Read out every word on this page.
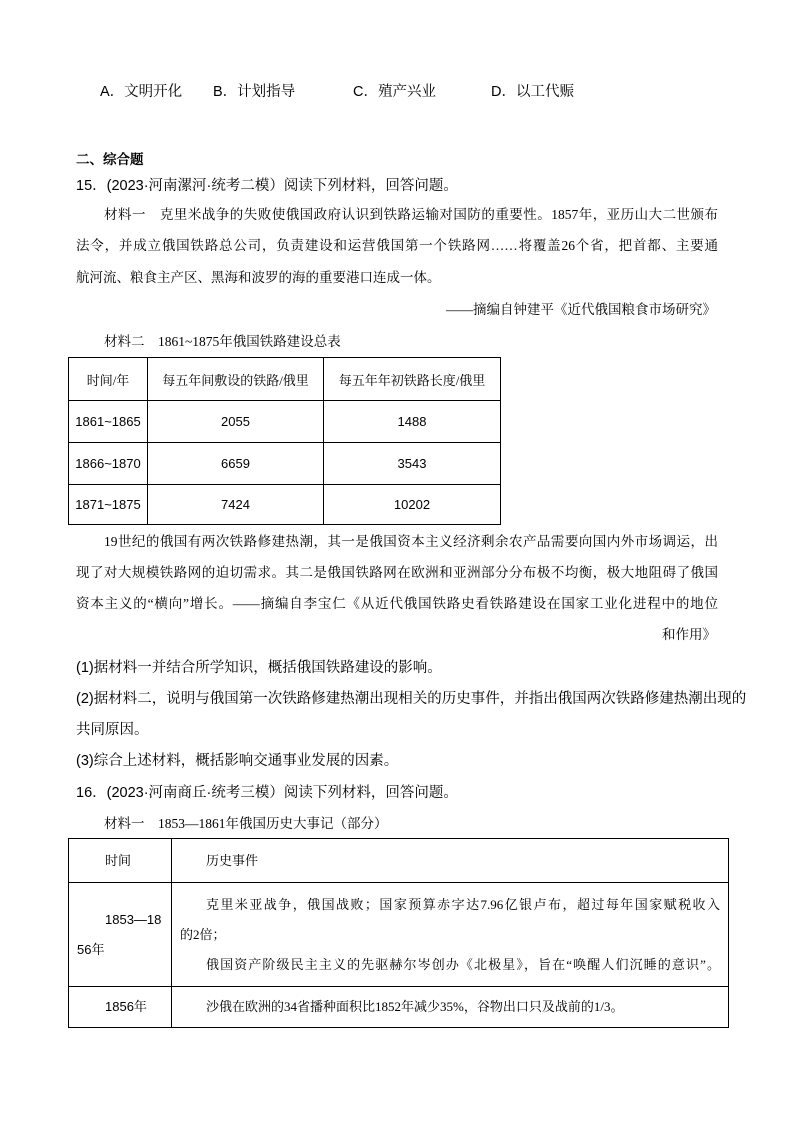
A．文明开化 B．计划指导	C．殖产兴业	D．以工代赈
二、综合题
15．(2023·河南漯河·统考二模）阅读下列材料，回答问题。
材料一　克里米战争的失败使俄国政府认识到铁路运输对国防的重要性。1857年，亚历山大二世颁布
法令，并成立俄国铁路总公司，负责建设和运营俄国第一个铁路网……将覆盖26个省，把首都、主要通
航河流、粮食主产区、黑海和波罗的海的重要港口连成一体。
——摘编自钟建平《近代俄国粮食市场研究》
材料二　1861~1875年俄国铁路建设总表
时间/年	每五年间敷设的铁路/俄里	每五年年初铁路长度/俄里
1861~1865	2055	1488
1866~1870	6659	3543
1871~1875	7424	10202
19世纪的俄国有两次铁路修建热潮，其一是俄国资本主义经济剩余农产品需要向国内外市场调运，出
现了对大规模铁路网的迫切需求。其二是俄国铁路网在欧洲和亚洲部分分布极不均衡，极大地阻碍了俄国
资本主义的“横向”增长。——摘编自李宝仁《从近代俄国铁路史看铁路建设在国家工业化进程中的地位
和作用》
(1)据材料一并结合所学知识，概括俄国铁路建设的影响。
(2)据材料二，说明与俄国第一次铁路修建热潮出现相关的历史事件，并指出俄国两次铁路修建热潮出现的
共同原因。
(3)综合上述材料，概括影响交通事业发展的因素。
16．(2023·河南商丘·统考三模）阅读下列材料，回答问题。
材料一　1853—1861年俄国历史大事记（部分）
时间	历史事件
1853—1856年	克里米亚战争，俄国战败；国家预算赤字达7.96亿银卢布，超过每年国家赋税收入
的2倍；
俄国资产阶级民主主义的先驱赫尔岑创办《北极星》，旨在“唤醒人们沉睡的意识”。

1856年	沙俄在欧洲的34省播种面积比1852年减少35%，谷物出口只及战前的1/3。
